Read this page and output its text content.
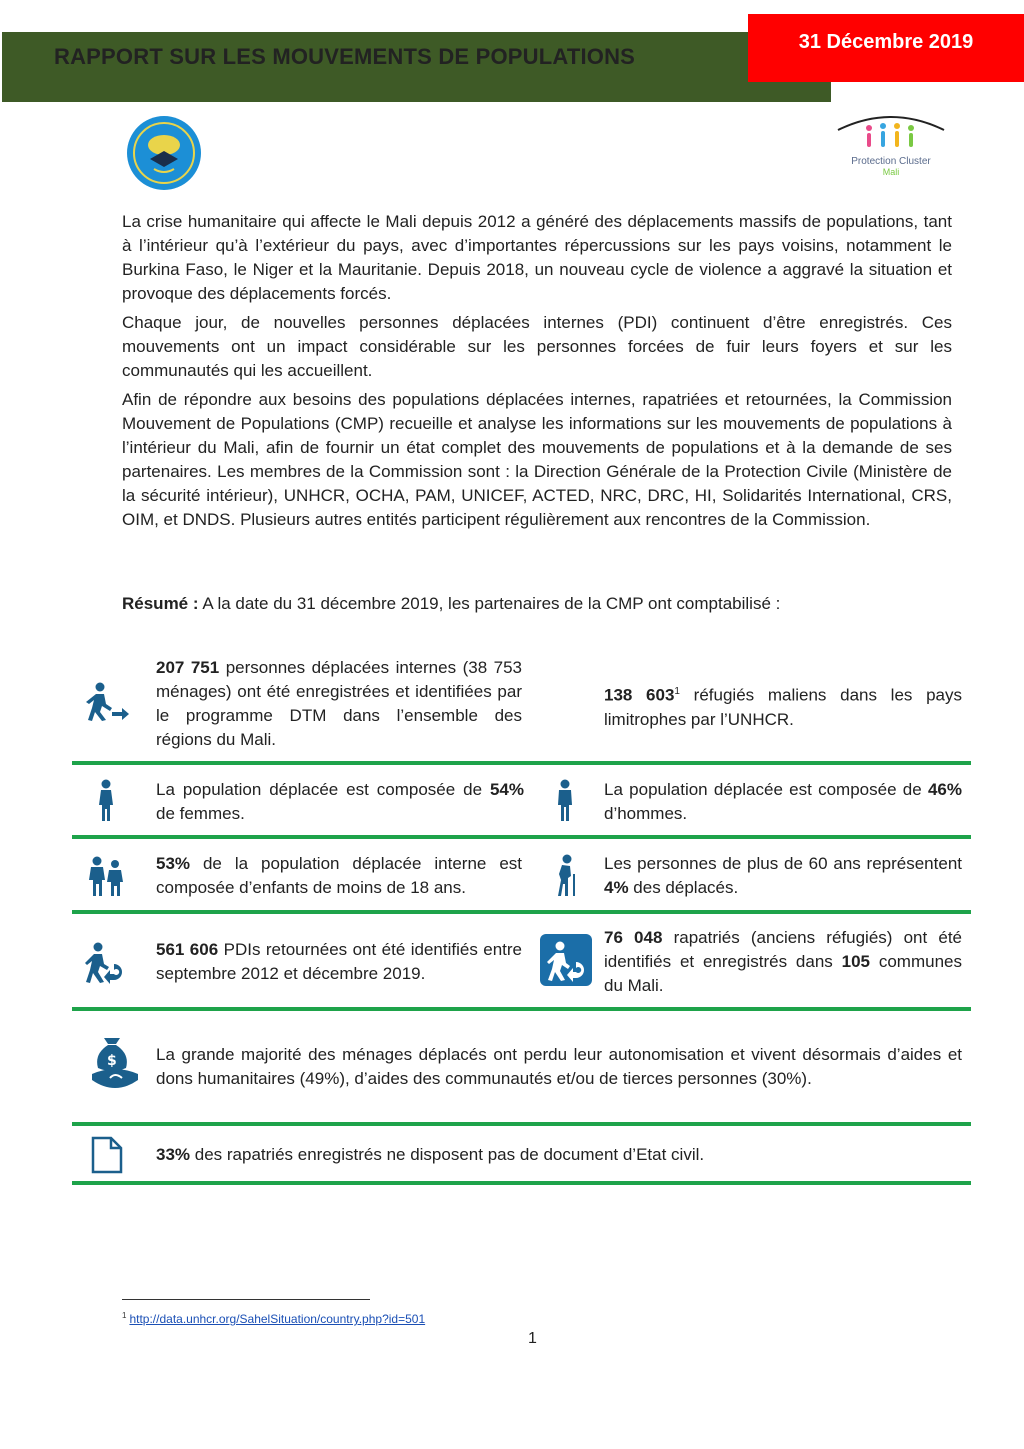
RAPPORT SUR LES MOUVEMENTS DE POPULATIONS
31 Décembre 2019
Protection Cluster
Mali

La crise humanitaire qui affecte le Mali depuis 2012 a généré des déplacements massifs de populations, tant à l’intérieur qu’à l’extérieur du pays, avec d’importantes répercussions sur les pays voisins, notamment le Burkina Faso, le Niger et la Mauritanie. Depuis 2018, un nouveau cycle de violence a aggravé la situation et provoque des déplacements forcés.

Chaque jour, de nouvelles personnes déplacées internes (PDI) continuent d’être enregistrés. Ces mouvements ont un impact considérable sur les personnes forcées de fuir leurs foyers et sur les communautés qui les accueillent.

Afin de répondre aux besoins des populations déplacées internes, rapatriées et retournées, la Commission Mouvement de Populations (CMP) recueille et analyse les informations sur les mouvements de populations à l’intérieur du Mali, afin de fournir un état complet des mouvements de populations et à la demande de ses partenaires. Les membres de la Commission sont : la Direction Générale de la Protection Civile (Ministère de la sécurité intérieur), UNHCR, OCHA, PAM, UNICEF, ACTED, NRC, DRC, HI, Solidarités International, CRS, OIM, et DNDS. Plusieurs autres entités participent régulièrement aux rencontres de la Commission.

Résumé : A la date du 31 décembre 2019, les partenaires de la CMP ont comptabilisé :
207 751 personnes déplacées internes (38 753 ménages) ont été enregistrées et identifiées par le programme DTM dans l’ensemble des régions du Mali.
138 603$^1$ réfugiés maliens dans les pays limitrophes par l’UNHCR.
La population déplacée est composée de 54% de femmes.
La population déplacée est composée de 46% d’hommes.
53% de la population déplacée interne est composée d’enfants de moins de 18 ans.
Les personnes de plus de 60 ans représentent 4% des déplacés.
561 606 PDIs retournées ont été identifiés entre septembre 2012 et décembre 2019.
76 048 rapatriés (anciens réfugiés) ont été identifiés et enregistrés dans 105 communes du Mali.
$ La grande majorité des ménages déplacés ont perdu leur autonomisation et vivent désormais d’aides et dons humanitaires (49%), d’aides des communautés et/ou de tierces personnes (30%).
33% des rapatriés enregistrés ne disposent pas de document d’Etat civil.
$^1$ http://data.unhcr.org/SahelSituation/country.php?id=501
1
